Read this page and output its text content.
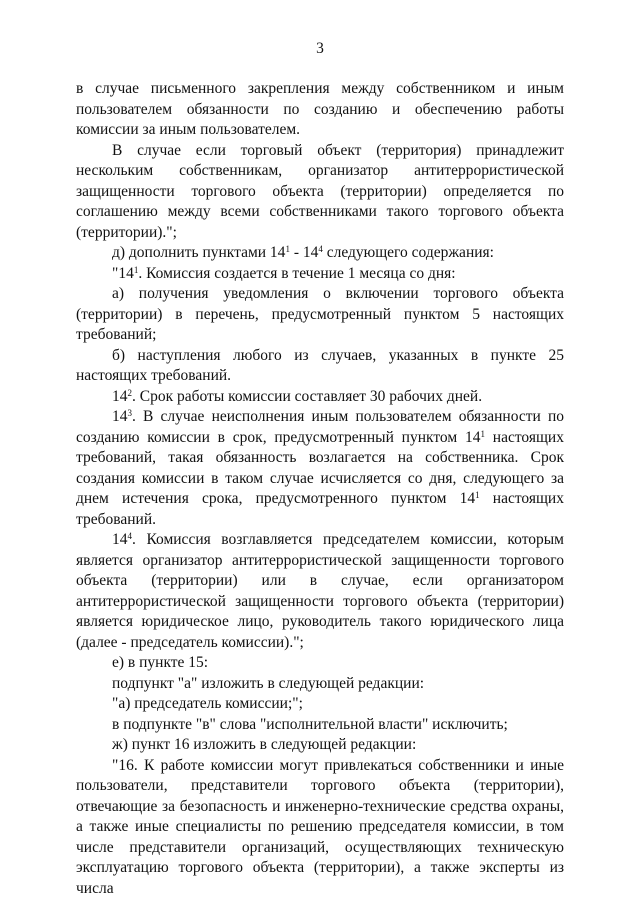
3

в случае письменного закрепления между собственником и иным пользователем обязанности по созданию и обеспечению работы комиссии за иным пользователем.

В случае если торговый объект (территория) принадлежит нескольким собственникам, организатор антитеррористической защищенности торгового объекта (территории) определяется по соглашению между всеми собственниками такого торгового объекта (территории).";

д) дополнить пунктами $14^1 - 14^4$ следующего содержания:

"$14^1$. Комиссия создается в течение 1 месяца со дня:

а) получения уведомления о включении торгового объекта (территории) в перечень, предусмотренный пунктом 5 настоящих требований;

б) наступления любого из случаев, указанных в пункте 25 настоящих требований.

$14^2$. Срок работы комиссии составляет 30 рабочих дней.

$14^3$. В случае неисполнения иным пользователем обязанности по созданию комиссии в срок, предусмотренный пунктом $14^1$ настоящих требований, такая обязанность возлагается на собственника. Срок создания комиссии в таком случае исчисляется со дня, следующего за днем истечения срока, предусмотренного пунктом $14^1$ настоящих требований.

$14^4$. Комиссия возглавляется председателем комиссии, которым является организатор антитеррористической защищенности торгового объекта (территории) или в случае, если организатором антитеррористической защищенности торгового объекта (территории) является юридическое лицо, руководитель такого юридического лица (далее - председатель комиссии).";

е) в пункте 15:

подпункт "а" изложить в следующей редакции:

"а) председатель комиссии;";

в подпункте "в" слова "исполнительной власти" исключить;

ж) пункт 16 изложить в следующей редакции:

"16. К работе комиссии могут привлекаться собственники и иные пользователи, представители торгового объекта (территории), отвечающие за безопасность и инженерно-технические средства охраны, а также иные специалисты по решению председателя комиссии, в том числе представители организаций, осуществляющих техническую эксплуатацию торгового объекта (территории), а также эксперты из числа
